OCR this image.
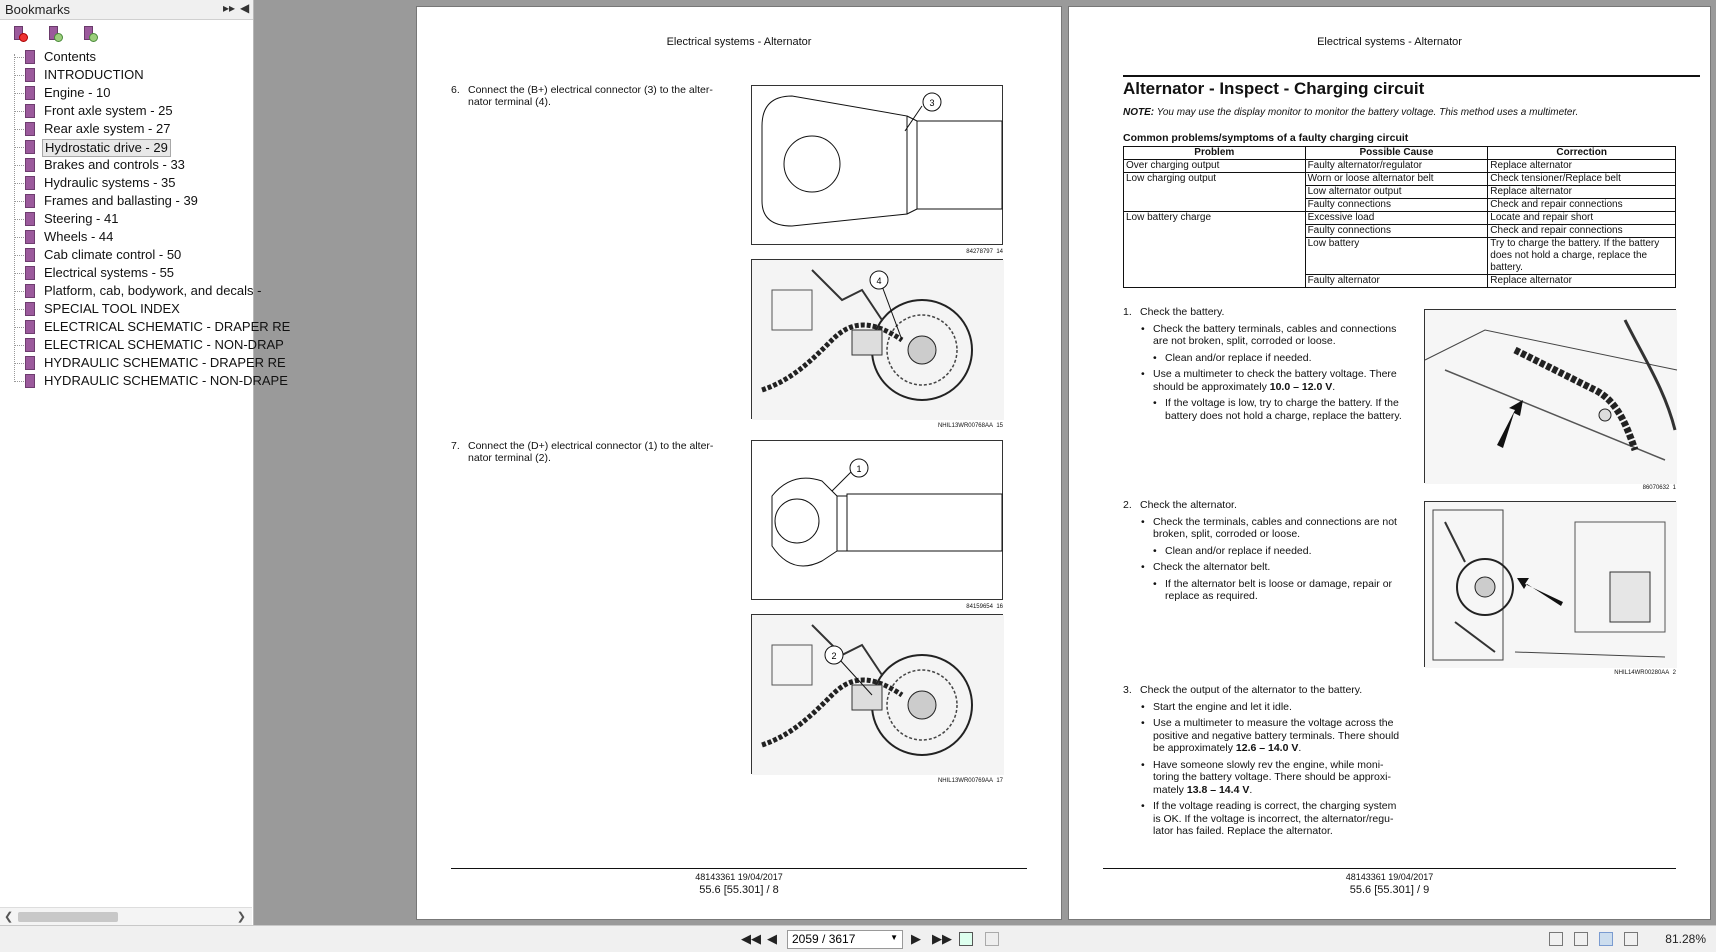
Bookmarks	▸▸ ◀
Contents
INTRODUCTION
Engine - 10
Front axle system - 25
Rear axle system - 27
Hydrostatic drive - 29
Brakes and controls - 33
Hydraulic systems - 35
Frames and ballasting - 39
Steering - 41
Wheels - 44
Cab climate control - 50
Electrical systems - 55
Platform, cab, bodywork, and decals -
SPECIAL TOOL INDEX
ELECTRICAL SCHEMATIC - DRAPER RE
ELECTRICAL SCHEMATIC - NON-DRAP
HYDRAULIC SCHEMATIC - DRAPER RE
HYDRAULIC SCHEMATIC - NON-DRAPE
❮	❯
Electrical systems - Alternator
6. Connect the (B+) electrical connector (3) to the alter-nator terminal (4).	3
84278797 14
4
NHIL13WR00768AA 15
7. Connect the (D+) electrical connector (1) to the alter-nator terminal (2).
1
84159654 16
2
NHIL13WR00769AA 17
48143361 19/04/2017
55.6 [55.301] / 8
Electrical systems - Alternator
Alternator - Inspect - Charging circuit
NOTE: You may use the display monitor to monitor the battery voltage. This method uses a multimeter.
Common problems/symptoms of a faulty charging circuit
Problem	Possible Cause	Correction
Over charging output	Faulty alternator/regulator	Replace alternator
Low charging output	Worn or loose alternator belt	Check tensioner/Replace belt
	Low alternator output	Replace alternator
	Faulty connections	Check and repair connections
Low battery charge	Excessive load	Locate and repair short
	Faulty connections	Check and repair connections
	Low battery	Try to charge the battery. If the battery does not hold a charge, replace the battery.
	Faulty alternator	Replace alternator
1. Check the battery.
• Check the battery terminals, cables and connections are not broken, split, corroded or loose.
• Clean and/or replace if needed.
• Use a multimeter to check the battery voltage. There should be approximately 10.0 – 12.0 V.
• If the voltage is low, try to charge the battery. If the battery does not hold a charge, replace the battery.
86070632 1
2. Check the alternator.
• Check the terminals, cables and connections are not broken, split, corroded or loose.
• Clean and/or replace if needed.
• Check the alternator belt.
• If the alternator belt is loose or damage, repair or replace as required.
NHIL14WR00280AA 2
3. Check the output of the alternator to the battery.
• Start the engine and let it idle.
• Use a multimeter to measure the voltage across the positive and negative battery terminals. There should be approximately 12.6 – 14.0 V.
• Have someone slowly rev the engine, while moni-toring the battery voltage. There should be approxi-mately 13.8 – 14.4 V.
• If the voltage reading is correct, the charging system is OK. If the voltage is incorrect, the alternator/regu-lator has failed. Replace the alternator.
48143361 19/04/2017
55.6 [55.301] / 9
◀◀ ◀	2059 / 3617	▼ ▶ ▶▶	81.28%
